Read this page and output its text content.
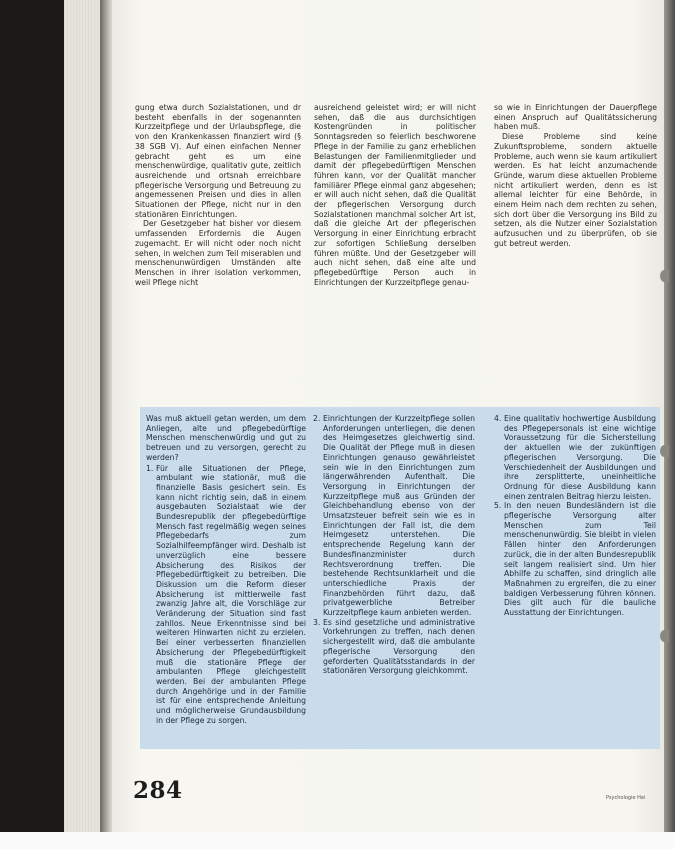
gung etwa durch Sozialstationen, und dr besteht ebenfalls in der sogenannten Kurzzeitpflege und der Urlaubspflege, die von den Krankenkassen finanziert wird (§ 38 SGB V). Auf einen einfachen Nenner gebracht geht es um eine menschenwürdige, qualitativ gute, zeitlich ausreichende und ortsnah erreichbare pflegerische Versorgung und Betreuung zu angemessenen Preisen und dies in allen Situationen der Pflege, nicht nur in den stationären Einrichtungen.

Der Gesetzgeber hat bisher vor diesem umfassenden Erfordernis die Augen zugemacht. Er will nicht oder noch nicht sehen, in welchen zum Teil miserablen und menschenunwürdigen Umständen alte Menschen in ihrer isolation verkommen, weil Pflege nicht

ausreichend geleistet wird; er will nicht sehen, daß die aus durchsichtigen Kostengründen in politischer Sonntagsreden so feierlich beschworene Pflege in der Familie zu ganz erheblichen Belastungen der Familienmitglieder und damit der pflegebedürftigen Menschen führen kann, vor der Qualität mancher familiärer Pflege einmal ganz abgesehen; er will auch nicht sehen, daß die Qualität der pflegerischen Versorgung durch Sozialstationen manchmal solcher Art ist, daß die gleiche Art der pflegerischen Versorgung in einer Einrichtung erbracht zur sofortigen Schließung derselben führen müßte. Und der Gesetzgeber will auch nicht sehen, daß eine alte und pflegebedürftige Person auch in Einrichtungen der Kurzzeitpflege genau-

so wie in Einrichtungen der Dauerpflege einen Anspruch auf Qualitätssicherung haben muß.

Diese Probleme sind keine Zukunftsprobleme, sondern aktuelle Probleme, auch wenn sie kaum artikuliert werden. Es hat leicht anzumachende Gründe, warum diese aktuellen Probleme nicht artikuliert werden, denn es ist allemal leichter für eine Behörde, in einem Heim nach dem rechten zu sehen, sich dort über die Versorgung ins Bild zu setzen, als die Nutzer einer Sozialstation aufzusuchen und zu überprüfen, ob sie gut betreut werden.

Was muß aktuell getan werden, um dem Anliegen, alte und pflegebedürftige Menschen menschenwürdig und gut zu betreuen und zu versorgen, gerecht zu werden?

1. Für alle Situationen der Pflege, ambulant wie stationär, muß die finanzielle Basis gesichert sein. Es kann nicht richtig sein, daß in einem ausgebauten Sozialstaat wie der Bundesrepublik der pflegebedürftige Mensch fast regelmäßig wegen seines Pflegebedarfs zum Sozialhilfeempfänger wird. Deshalb ist unverzüglich eine bessere Absicherung des Risikos der Pflegebedürftigkeit zu betreiben. Die Diskussion um die Reform dieser Absicherung ist mittlerweile fast zwanzig Jahre alt, die Vorschläge zur Veränderung der Situation sind fast zahllos. Neue Erkenntnisse sind bei weiteren Hinwarten nicht zu erzielen. Bei einer verbesserten finanziellen Absicherung der Pflegebedürftigkeit muß die stationäre Pflege der ambulanten Pflege gleichgestellt werden. Bei der ambulanten Pflege durch Angehörige und in der Familie ist für eine entsprechende Anleitung und möglicherweise Grundausbildung in der Pflege zu sorgen.
2. Einrichtungen der Kurzzeitpflege sollen Anforderungen unterliegen, die denen des Heimgesetzes gleichwertig sind. Die Qualität der Pflege muß in diesen Einrichtungen genauso gewährleistet sein wie in den Einrichtungen zum längerwährenden Aufenthalt. Die Versorgung in Einrichtungen der Kurzzeitpflege muß aus Gründen der Gleichbehandlung ebenso von der Umsatzsteuer befreit sein wie es in Einrichtungen der Fall ist, die dem Heimgesetz unterstehen. Die entsprechende Regelung kann der Bundesfinanzminister durch Rechtsverordnung treffen. Die bestehende Rechtsunklarheit und die unterschiedliche Praxis der Finanzbehörden führt dazu, daß privatgewerbliche Betreiber Kurzzeitpflege kaum anbieten werden.
3. Es sind gesetzliche und administrative Vorkehrungen zu treffen, nach denen sichergestellt wird, daß die ambulante pflegerische Versorgung den geforderten Qualitätsstandards in der stationären Versorgung gleichkommt.
4. Eine qualitativ hochwertige Ausbildung des Pflegepersonals ist eine wichtige Voraussetzung für die Sicherstellung der aktuellen wie der zukünftigen pflegerischen Versorgung. Die Verschiedenheit der Ausbildungen und ihre zersplitterte, uneinheitliche Ordnung für diese Ausbildung kann einen zentralen Beitrag hierzu leisten.
5. In den neuen Bundesländern ist die pflegerische Versorgung alter Menschen zum Teil menschenunwürdig. Sie bleibt in vielen Fällen hinter den Anforderungen zurück, die in der alten Bundesrepublik seit langem realisiert sind. Um hier Abhilfe zu schaffen, sind dringlich alle Maßnahmen zu ergreifen, die zu einer baldigen Verbesserung führen können. Dies gilt auch für die bauliche Ausstattung der Einrichtungen.
284	Psychologie Hei
